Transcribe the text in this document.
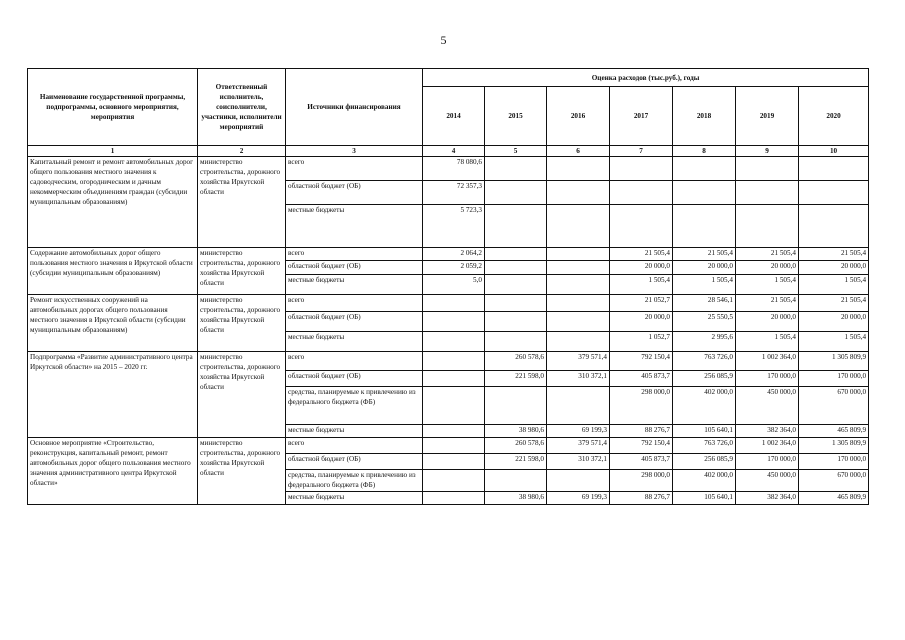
5
Наименование государственной программы, подпрограммы, основного мероприятия, мероприятия	Ответственный исполнитель, соисполнители, участники, исполнители мероприятий	Источники финансирования	Оценка расходов (тыс.руб.), годы						
			2014	2015	2016	2017	2018	2019	2020
1	2	3	4	5	6	7	8	9	10
Капитальный ремонт и ремонт автомобильных дорог общего пользования местного значения к садоводческим, огородническим и дачным некоммерческим объединениям граждан (субсидии муниципальным образованиям)	министерство строительства, дорожного хозяйства Иркутской области	всего	78 080,6						
		областной бюджет (ОБ)	72 357,3						
		местные бюджеты	5 723,3						
Содержание автомобильных дорог общего пользования местного значения в Иркутской области (субсидии муниципальным образованиям)	министерство строительства, дорожного хозяйства Иркутской области	всего	2 064,2			21 505,4	21 505,4	21 505,4	21 505,4
		областной бюджет (ОБ)	2 059,2			20 000,0	20 000,0	20 000,0	20 000,0
		местные бюджеты	5,0			1 505,4	1 505,4	1 505,4	1 505,4
Ремонт искусственных сооружений на автомобильных дорогах общего пользования местного значения в Иркутской области (субсидии муниципальным образованиям)	министерство строительства, дорожного хозяйства Иркутской области	всего				21 052,7	28 546,1	21 505,4	21 505,4
		областной бюджет (ОБ)				20 000,0	25 550,5	20 000,0	20 000,0
		местные бюджеты				1 052,7	2 995,6	1 505,4	1 505,4
Подпрограмма «Развитие административного центра Иркутской области» на 2015 – 2020 гг.	министерство строительства, дорожного хозяйства Иркутской области	всего		260 578,6	379 571,4	792 150,4	763 726,0	1 002 364,0	1 305 809,9
		областной бюджет (ОБ)		221 598,0	310 372,1	405 873,7	256 085,9	170 000,0	170 000,0
		средства, планируемые к привлечению из федерального бюджета (ФБ)				298 000,0	402 000,0	450 000,0	670 000,0
		местные бюджеты		38 980,6	69 199,3	88 276,7	105 640,1	382 364,0	465 809,9
Основное мероприятие «Строительство, реконструкция, капитальный ремонт, ремонт автомобильных дорог общего пользования местного значения административного центра Иркутской области»	министерство строительства, дорожного хозяйства Иркутской области	всего		260 578,6	379 571,4	792 150,4	763 726,0	1 002 364,0	1 305 809,9
		областной бюджет (ОБ)		221 598,0	310 372,1	405 873,7	256 085,9	170 000,0	170 000,0
		средства, планируемые к привлечению из федерального бюджета (ФБ)				298 000,0	402 000,0	450 000,0	670 000,0
		местные бюджеты		38 980,6	69 199,3	88 276,7	105 640,1	382 364,0	465 809,9
